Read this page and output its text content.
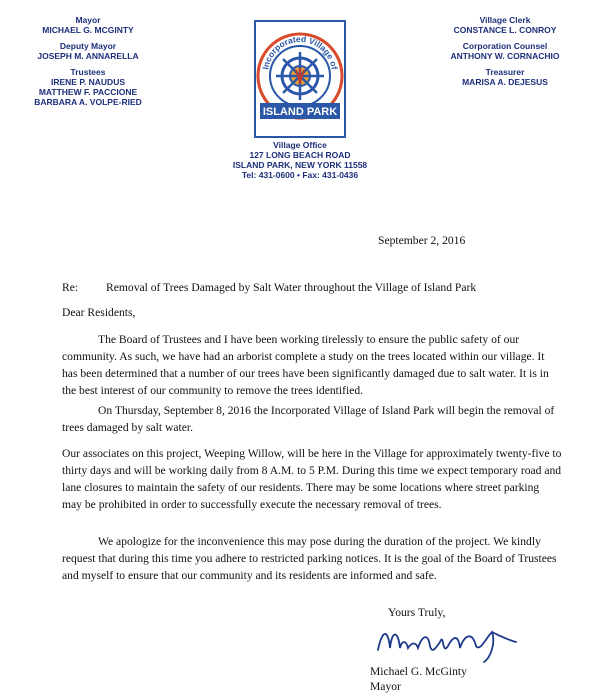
Mayor
MICHAEL G. MCGINTY
Deputy Mayor
JOSEPH M. ANNARELLA
Trustees
IRENE P. NAUDUS
MATTHEW F. PACCIONE
BARBARA A. VOLPE-RIED
Village Clerk
CONSTANCE L. CONROY
Corporation Counsel
ANTHONY W. CORNACHIO
Treasurer
MARISA A. DEJESUS
Incorporated Village of
ISLAND PARK
Village Office
127 LONG BEACH ROAD
ISLAND PARK, NEW YORK 11558
Tel: 431-0600 • Fax: 431-0436
September 2, 2016
Re: Removal of Trees Damaged by Salt Water throughout the Village of Island Park
Dear Residents,
The Board of Trustees and I have been working tirelessly to ensure the public safety of our community. As such, we have had an arborist complete a study on the trees located within our village. It has been determined that a number of our trees have been significantly damaged due to salt water. It is in the best interest of our community to remove the trees identified.
On Thursday, September 8, 2016 the Incorporated Village of Island Park will begin the removal of trees damaged by salt water.
Our associates on this project, Weeping Willow, will be here in the Village for approximately twenty-five to thirty days and will be working daily from 8 A.M. to 5 P.M. During this time we expect temporary road and lane closures to maintain the safety of our residents. There may be some locations where street parking may be prohibited in order to successfully execute the necessary removal of trees.
We apologize for the inconvenience this may pose during the duration of the project. We kindly request that during this time you adhere to restricted parking notices. It is the goal of the Board of Trustees and myself to ensure that our community and its residents are informed and safe.
Yours Truly,
Michael G. McGinty
Mayor
